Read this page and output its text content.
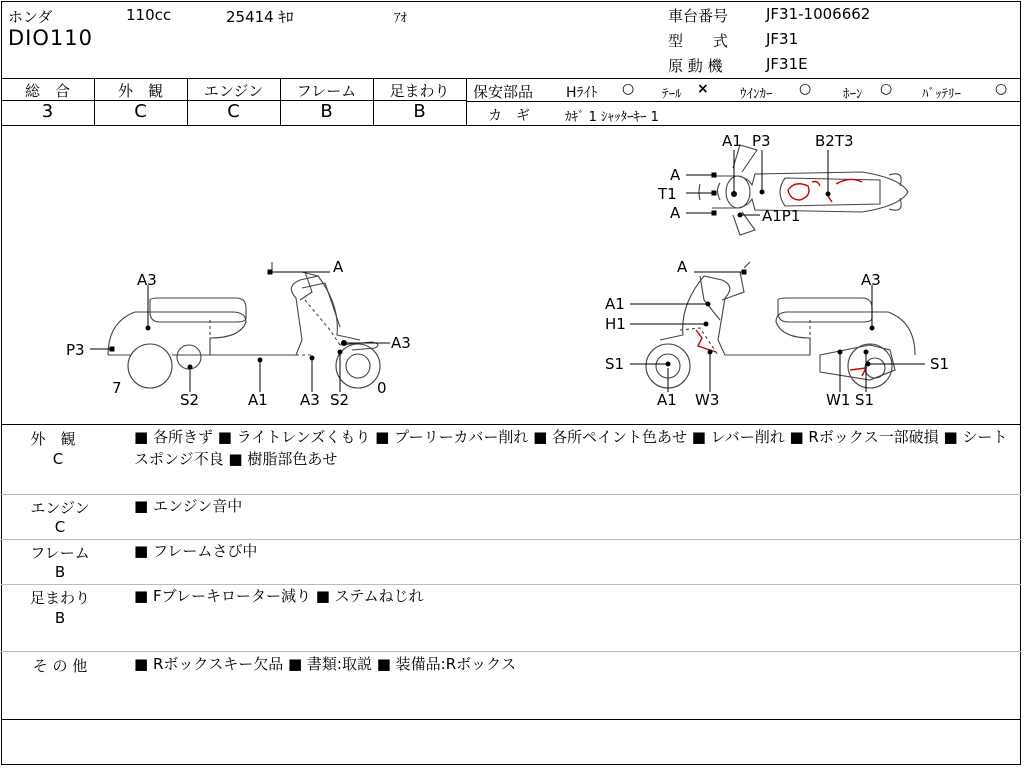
ホンダ	110cc	25414 ｷﾛ	ｱｵ
DIO110
車台番号	JF31-1006662
型　　式	JF31
原 動 機	JF31E
総　合	外　観	エンジン	フレーム	足まわり
3	C	C	B	B
保安部品 Hﾗｲﾄ ○ ﾃｰﾙ × ｳｲﾝｶｰ ○ ﾎｰﾝ ○ ﾊﾞｯﾃﾘｰ ○
カ　ギ	ｶｷﾞ 1 ｼｬｯﾀｰｷｰ 1
A
A3
P3	A3
7
S2	A1 A3 S2
0
A
A3
A1
H1
S1	S1
A1 W3	W1 S1
A1 P3	B2T3
A
T1
A	A1P1
外　観
C
■ 各所きず ■ ライトレンズくもり ■ プーリーカバー削れ ■ 各所ペイント色あせ ■ レバー削れ ■ Rボックス一部破損 ■ シートスポンジ不良 ■ 樹脂部色あせ
エンジン
C
■ エンジン音中
フレーム
B
■ フレームさび中
足まわり
B
■ Fブレーキローター減り ■ ステムねじれ
そ の 他	■ Rボックスキー欠品 ■ 書類:取説 ■ 装備品:Rボックス
